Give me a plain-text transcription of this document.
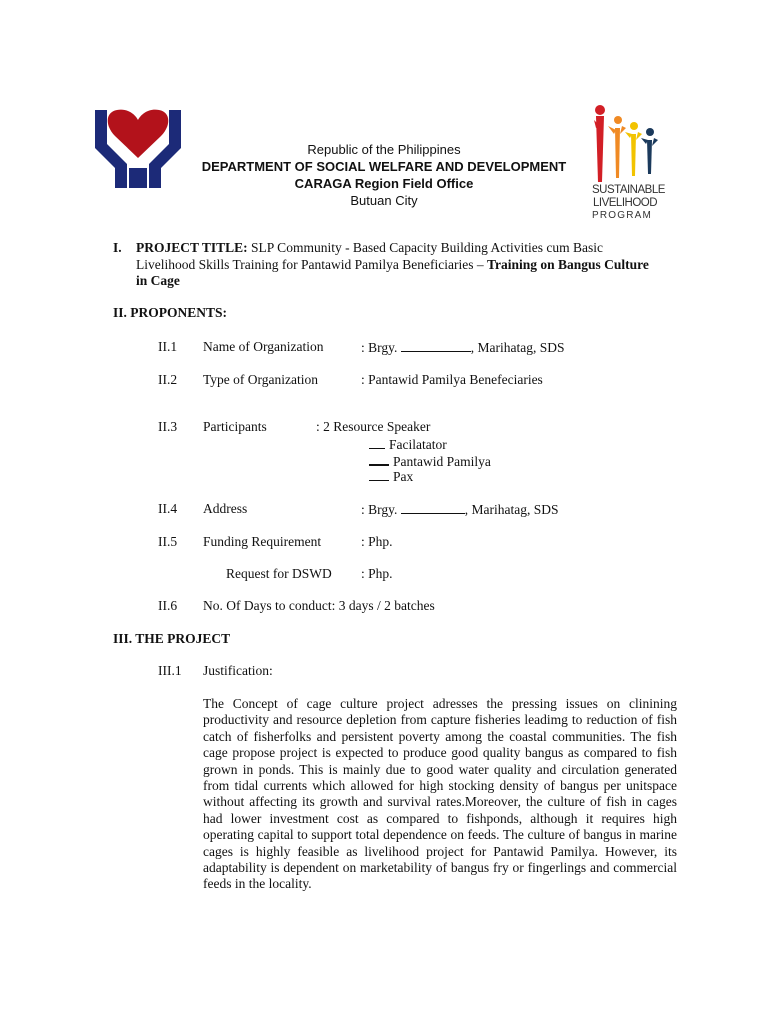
SUSTAINABLE
LIVELIHOOD
PROGRAM
Republic of the Philippines
DEPARTMENT OF SOCIAL WELFARE AND DEVELOPMENT
CARAGA Region Field Office
Butuan City
I. PROJECT TITLE: SLP Community - Based Capacity Building Activities cum Basic
Livelihood Skills Training for Pantawid Pamilya Beneficiaries – Training on Bangus Culture
in Cage
II. PROPONENTS:
II.1 Name of Organization	: Brgy.	, Marihatag, SDS
II.2 Type of Organization	: Pantawid Pamilya Benefeciaries
II.3 Participants	: 2 Resource Speaker
Facilatator
Pantawid Pamilya
Pax
II.4 Address	: Brgy.	, Marihatag, SDS
II.5 Funding Requirement	: Php.
Request for DSWD : Php.
II.6 No. Of Days to conduct: 3 days / 2 batches
III. THE PROJECT
III.1 Justification:
The Concept of cage culture project adresses the pressing issues on clinining productivity and resource depletion from capture fisheries leadimg to reduction of fish catch of fisherfolks and persistent poverty among the coastal communities. The fish cage propose project is expected to produce good quality bangus as compared to fish grown in ponds. This is mainly due to good water quality and circulation generated from tidal currents which allowed for high stocking density of bangus per unitspace without affecting its growth and survival rates.Moreover, the culture of fish in cages had lower investment cost as compared to fishponds, although it requires high operating capital to support total dependence on feeds. The culture of bangus in marine cages is highly feasible as livelihood project for Pantawid Pamilya. However, its adaptability is dependent on marketability of bangus fry or fingerlings and commercial feeds in the locality.
